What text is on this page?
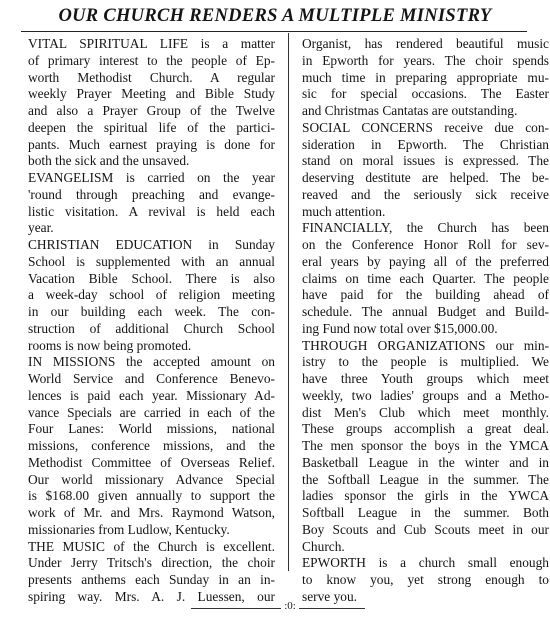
OUR CHURCH RENDERS A MULTIPLE MINISTRY
VITAL SPIRITUAL LIFE is a matter
of primary interest to the people of Ep-
worth Methodist Church. A regular
weekly Prayer Meeting and Bible Study
and also a Prayer Group of the Twelve
deepen the spiritual life of the partici-
pants. Much earnest praying is done for
both the sick and the unsaved.
EVANGELISM is carried on the year
'round through preaching and evange-
listic visitation. A revival is held each
year.
CHRISTIAN EDUCATION in Sunday
School is supplemented with an annual
Vacation Bible School. There is also
a week-day school of religion meeting
in our building each week. The con-
struction of additional Church School
rooms is now being promoted.
IN MISSIONS the accepted amount on
World Service and Conference Benevo-
lences is paid each year. Missionary Ad-
vance Specials are carried in each of the
Four Lanes: World missions, national
missions, conference missions, and the
Methodist Committee of Overseas Relief.
Our world missionary Advance Special
is $168.00 given annually to support the
work of Mr. and Mrs. Raymond Watson,
missionaries from Ludlow, Kentucky.
THE MUSIC of the Church is excellent.
Under Jerry Tritsch's direction, the choir
presents anthems each Sunday in an in-
spiring way. Mrs. A. J. Luessen, our
Organist, has rendered beautiful music
in Epworth for years. The choir spends
much time in preparing appropriate mu-
sic for special occasions. The Easter
and Christmas Cantatas are outstanding.
SOCIAL CONCERNS receive due con-
sideration in Epworth. The Christian
stand on moral issues is expressed. The
deserving destitute are helped. The be-
reaved and the seriously sick receive
much attention.
FINANCIALLY, the Church has been
on the Conference Honor Roll for sev-
eral years by paying all of the preferred
claims on time each Quarter. The people
have paid for the building ahead of
schedule. The annual Budget and Build-
ing Fund now total over $15,000.00.
THROUGH ORGANIZATIONS our min-
istry to the people is multiplied. We
have three Youth groups which meet
weekly, two ladies' groups and a Metho-
dist Men's Club which meet monthly.
These groups accomplish a great deal.
The men sponsor the boys in the YMCA
Basketball League in the winter and in
the Softball League in the summer. The
ladies sponsor the girls in the YWCA
Softball League in the summer. Both
Boy Scouts and Cub Scouts meet in our
Church.
EPWORTH is a church small enough
to know you, yet strong enough to
serve you.
:0:
